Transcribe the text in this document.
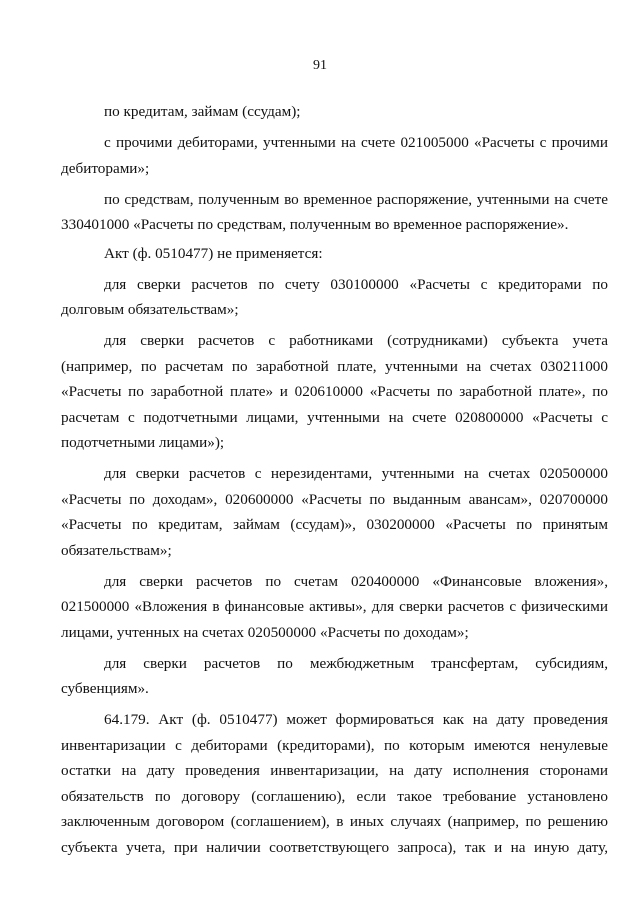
91

по кредитам, займам (ссудам);

с прочими дебиторами, учтенными на счете 021005000 «Расчеты с прочими дебиторами»;

по средствам, полученным во временное распоряжение, учтенными на счете 330401000 «Расчеты по средствам, полученным во временное распоряжение».

Акт (ф. 0510477) не применяется:

для сверки расчетов по счету 030100000 «Расчеты с кредиторами по долговым обязательствам»;

для сверки расчетов с работниками (сотрудниками) субъекта учета (например, по расчетам по заработной плате, учтенными на счетах 030211000 «Расчеты по заработной плате» и 020610000 «Расчеты по заработной плате», по расчетам с подотчетными лицами, учтенными на счете 020800000 «Расчеты с подотчетными лицами»);

для сверки расчетов с нерезидентами, учтенными на счетах 020500000 «Расчеты по доходам», 020600000 «Расчеты по выданным авансам», 020700000 «Расчеты по кредитам, займам (ссудам)», 030200000 «Расчеты по принятым обязательствам»;

для сверки расчетов по счетам 020400000 «Финансовые вложения», 021500000 «Вложения в финансовые активы», для сверки расчетов с физическими лицами, учтенных на счетах 020500000 «Расчеты по доходам»;

для сверки расчетов по межбюджетным трансфертам, субсидиям, субвенциям».

64.179. Акт (ф. 0510477) может формироваться как на дату проведения инвентаризации с дебиторами (кредиторами), по которым имеются ненулевые остатки на дату проведения инвентаризации, на дату исполнения сторонами обязательств по договору (соглашению), если такое требование установлено заключенным договором (соглашением), в иных случаях (например, по решению субъекта учета, при наличии соответствующего запроса), так и на иную дату,
